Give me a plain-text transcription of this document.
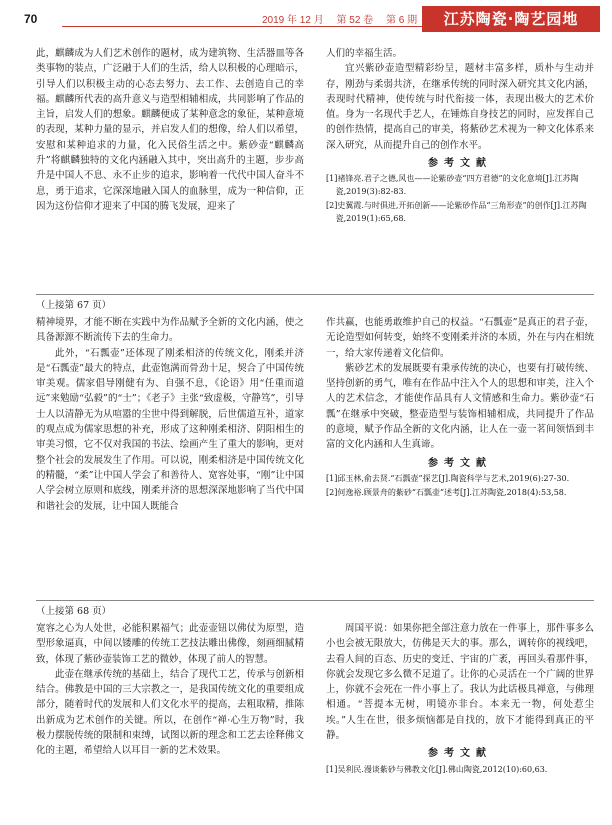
70	2019 年 12 月 第 52 卷 第 6 期	江苏陶瓷·陶艺园地

此，麒麟成为人们艺术创作的题材，成为建筑物、生活器皿等各类事物的装点，广泛融于人们的生活，给人以积极的心理暗示，引导人们以积极主动的心态去努力、去工作、去创造自己的幸福。麒麟所代表的高升意义与造型相辅相成，共同影响了作品的主旨，启发人们的想象。麒麟便成了某种意念的象征，某种意境的表现，某种力量的显示，并启发人们的想像，给人们以希望，安慰和某种追求的力量，化入民俗生活之中。紫砂壶“麒麟高升”将麒麟独特的文化内涵融入其中，突出高升的主题，步步高升是中国人不息、永不止步的追求，影响着一代代中国人奋斗不息，勇于追求，它深深地融入国人的血脉里，成为一种信仰，正因为这份信仰才迎来了中国的腾飞发展，迎来了

人们的幸福生活。

宜兴紫砂壶造型精彩纷呈，题材丰富多样，质朴与生动并存，刚劲与柔弱共济，在继承传统的同时深入研究其文化内涵，表现时代精神，使传统与时代衔接一体，表现出极大的艺术价值。身为一名现代手艺人，在锤炼自身技艺的同时，应发挥自己的创作热情，提高自己的审美，将紫砂艺术视为一种文化体系来深入研究，从而提升自己的创作水平。

参考文献
[1]褚锋亮.君子之德,风也——论紫砂壶“四方君德”的文化意境[J].江苏陶瓷,2019(3):82-83.
[2]史翼霞.与时俱进,开拓创新——论紫砂作品“三角形壶”的创作[J].江苏陶瓷,2019(1):65,68.
（上接第 67 页）

精神境界，才能不断在实践中为作品赋予全新的文化内涵，使之具备源源不断流传下去的生命力。

此外，“石瓢壶”还体现了刚柔相济的传统文化，刚柔并济是“石瓢壶”最大的特点，此壶饱满而骨劲十足，契合了中国传统审美观。儒家倡导刚健有为、自强不息，《论语》用“任重而道远”来勉励“弘毅”的“士”；《老子》主张“致虚极，守静笃”，引导士人以清静无为从喧嚣的尘世中得到解脱，后世儒道互补，道家的观点成为儒家思想的补充，形成了这种刚柔相济、阴阳相生的审美习惯，它不仅对我国的书法、绘画产生了重大的影响，更对整个社会的发展发生了作用。可以说，刚柔相济是中国传统文化的精髓，“柔”让中国人学会了和善待人、宽容处事，“刚”让中国人学会树立原则和底线，刚柔并济的思想深深地影响了当代中国和谐社会的发展，让中国人既能合

作共赢，也能勇敢维护自己的权益。“石瓢壶”是真正的君子壶，无论造型如何转变，始终不变刚柔并济的本质，外在与内在相统一，给大家传递着文化信仰。

紫砂艺术的发展既要有秉承传统的决心，也要有打破传统、坚持创新的勇气，唯有在作品中注入个人的思想和审美，注入个人的艺术信念，才能使作品具有人文情感和生命力。紫砂壶“石瓢”在继承中突破，整壶造型与装饰相辅相成，共同提升了作品的意境，赋予作品全新的文化内涵，让人在一壶一茗间领悟到丰富的文化内涵和人生真谛。

参考文献
[1]邱玉林,俞去贤.“石瓢壶”探艺[J].陶瓷科学与艺术,2019(6):27-30.
[2]何逸裕.顾景舟的紫砂“石瓢壶”述考[J].江苏陶瓷,2018(4):53,58.
（上接第 68 页）

宽容之心为人处世，必能积累福气；此壶壶钮以佛仗为原型，造型形象逼真，中间以镂雕的传统工艺技法雕出佛像，刻画细腻精致，体现了紫砂壶装饰工艺的微妙，体现了前人的智慧。

此壶在继承传统的基础上，结合了现代工艺，传承与创新相结合。佛教是中国的三大宗教之一，是我国传统文化的重要组成部分，随着时代的发展和人们文化水平的提高，去粗取精，推陈出新成为艺术创作的关键。所以，在创作“禅·心生万物”时，我极力摆脱传统的限制和束缚，试图以新的理念和工艺去诠释佛文化的主题，希望给人以耳目一新的艺术效果。

周国平说：如果你把全部注意力放在一件事上，那件事多么小也会被无限放大，仿佛是天大的事。那么，调转你的视线吧，去看人间的百态、历史的变迁、宇宙的广袤，再回头看那件事，你就会发现它多么微不足道了。让你的心灵活在一个广阔的世界上，你就不会死在一件小事上了。我认为此话极具禅意，与佛理相通。“菩提本无树，明镜亦非台。本来无一物，何处惹尘埃。”人生在世，很多烦恼都是自找的，放下才能得到真正的平静。

参考文献
[1]吴利民.漫谈紫砂与佛教文化[J].佛山陶瓷,2012(10):60,63.
